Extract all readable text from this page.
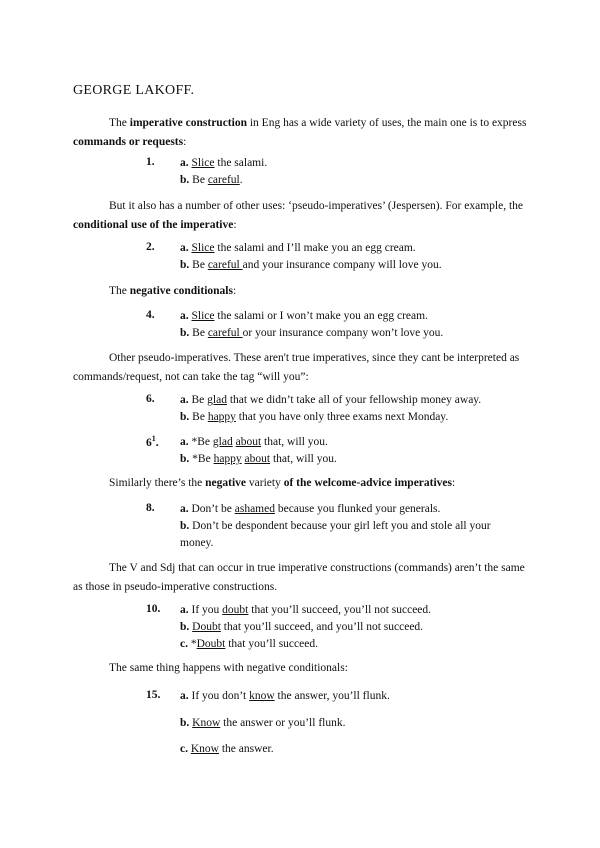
GEORGE LAKOFF.

The imperative construction in Eng has a wide variety of uses, the main one is to express commands or requests:

1. a. Slice the salami.
b. Be careful.

But it also has a number of other uses: ‘pseudo-imperatives’ (Jespersen). For example, the conditional use of the imperative:

2. a. Slice the salami and I’ll make you an egg cream.
b. Be careful and your insurance company will love you.

The negative conditionals:

4. a. Slice the salami or I won’t make you an egg cream.
b. Be careful or your insurance company won’t love you.

Other pseudo-imperatives. These aren't true imperatives, since they cant be interpreted as commands/request, not can take the tag “will you”:

6. a. Be glad that we didn’t take all of your fellowship money away.
b. Be happy that you have only three exams next Monday.
$6^1$. a. *Be glad about that, will you.
b. *Be happy about that, will you.

Similarly there’s the negative variety of the welcome-advice imperatives:

8. a. Don’t be ashamed because you flunked your generals.
b. Don’t be despondent because your girl left you and stole all your
money.

The V and Sdj that can occur in true imperative constructions (commands) aren’t the same as those in pseudo-imperative constructions.

10. a. If you doubt that you’ll succeed, you’ll not succeed.
b. Doubt that you’ll succeed, and you’ll not succeed.
c. *Doubt that you’ll succeed.

The same thing happens with negative conditionals:

15. a. If you don’t know the answer, you’ll flunk.
b. Know the answer or you’ll flunk.
c. Know the answer.
